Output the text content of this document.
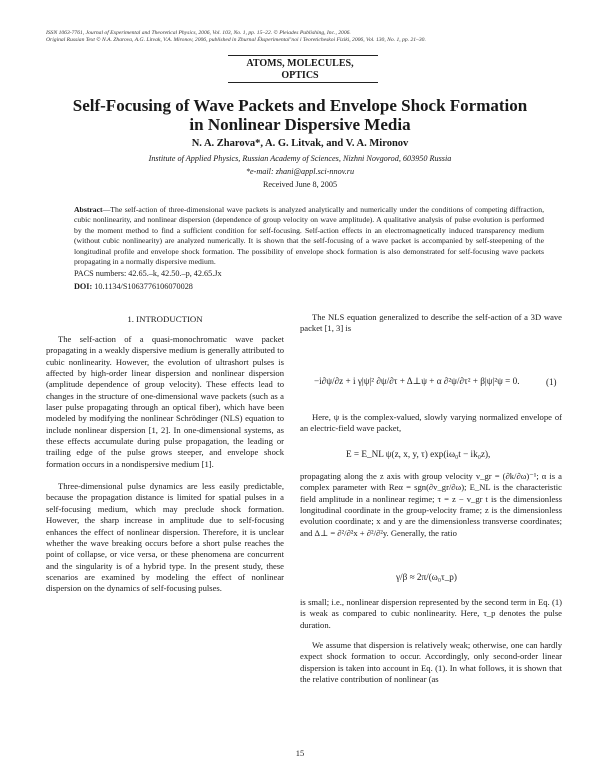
ISSN 1063-7761, Journal of Experimental and Theoretical Physics, 2006, Vol. 103, No. 1, pp. 15–22. © Pleiades Publishing, Inc., 2006.
Original Russian Text © N.A. Zharova, A.G. Litvak, V.A. Mironov, 2006, published in Zhurnal Éksperimental’noi i Teoreticheskoi Fiziki, 2006, Vol. 130, No. 1, pp. 21–30.
ATOMS, MOLECULES,
OPTICS
Self-Focusing of Wave Packets and Envelope Shock Formation
in Nonlinear Dispersive Media
N. A. Zharova*, A. G. Litvak, and V. A. Mironov
Institute of Applied Physics, Russian Academy of Sciences, Nizhni Novgorod, 603950 Russia
*e-mail: zhani@appl.sci-nnov.ru
Received June 8, 2005
Abstract—The self-action of three-dimensional wave packets is analyzed analytically and numerically under the conditions of competing diffraction, cubic nonlinearity, and nonlinear dispersion (dependence of group velocity on wave amplitude). A qualitative analysis of pulse evolution is performed by the moment method to find a sufficient condition for self-focusing. Self-action effects in an electromagnetically induced transparency medium (without cubic nonlinearity) are analyzed numerically. It is shown that the self-focusing of a wave packet is accompanied by self-steepening of the longitudinal profile and envelope shock formation. The possibility of envelope shock formation is also demonstrated for self-focusing wave packets propagating in a normally dispersive medium.
PACS numbers: 42.65.–k, 42.50.–p, 42.65.Jx
DOI: 10.1134/S1063776106070028
1. INTRODUCTION

The self-action of a quasi-monochromatic wave packet propagating in a weakly dispersive medium is generally attributed to cubic nonlinearity. However, the evolution of ultrashort pulses is affected by high-order linear dispersion and nonlinear dispersion (amplitude dependence of group velocity). These effects lead to changes in the structure of one-dimensional wave packets (such as a laser pulse propagating through an optical fiber), which have been modeled by modifying the nonlinear Schrödinger (NLS) equation to include nonlinear dispersion [1, 2]. In one-dimensional systems, as these effects accumulate during pulse propagation, the leading or trailing edge of the pulse grows steeper, and envelope shock formation occurs in a nondispersive medium [1].

Three-dimensional pulse dynamics are less easily predictable, because the propagation distance is limited for spatial pulses in a self-focusing medium, which may preclude shock formation. However, the sharp increase in amplitude due to self-focusing enhances the effect of nonlinear dispersion. Therefore, it is unclear whether the wave breaking occurs before a short pulse reaches the point of collapse, or vice versa, or these phenomena are concurrent and the singularity is of a hybrid type. In the present study, these scenarios are examined by modeling the effect of nonlinear dispersion on the dynamics of self-focusing pulses.

The NLS equation generalized to describe the self-action of a 3D wave packet [1, 3] is

−i∂ψ/∂z + i γ|ψ|² ∂ψ/∂τ + Δ⊥ψ + α ∂²ψ/∂τ² + β|ψ|²ψ = 0.	(1)

Here, ψ is the complex-valued, slowly varying normalized envelope of an electric-field wave packet,

E = E_NL ψ(z, x, y, τ) exp(iω₀t − ik₀z),

propagating along the z axis with group velocity v_gr = (∂k/∂ω)⁻¹; α is a complex parameter with Reα = sgn(∂v_gr/∂ω); E_NL is the characteristic field amplitude in a nonlinear regime; τ = z − v_gr t is the dimensionless longitudinal coordinate in the group-velocity frame; z is the dimensionless evolution coordinate; x and y are the dimensionless transverse coordinates; and Δ⊥ = ∂²/∂²x + ∂²/∂²y. Generally, the ratio

γ/β ≈ 2π/(ω₀τ_p)

is small; i.e., nonlinear dispersion represented by the second term in Eq. (1) is weak as compared to cubic nonlinearity. Here, τ_p denotes the pulse duration.

We assume that dispersion is relatively weak; otherwise, one can hardly expect shock formation to occur. Accordingly, only second-order linear dispersion is taken into account in Eq. (1). In what follows, it is shown that the relative contribution of nonlinear (as

15
